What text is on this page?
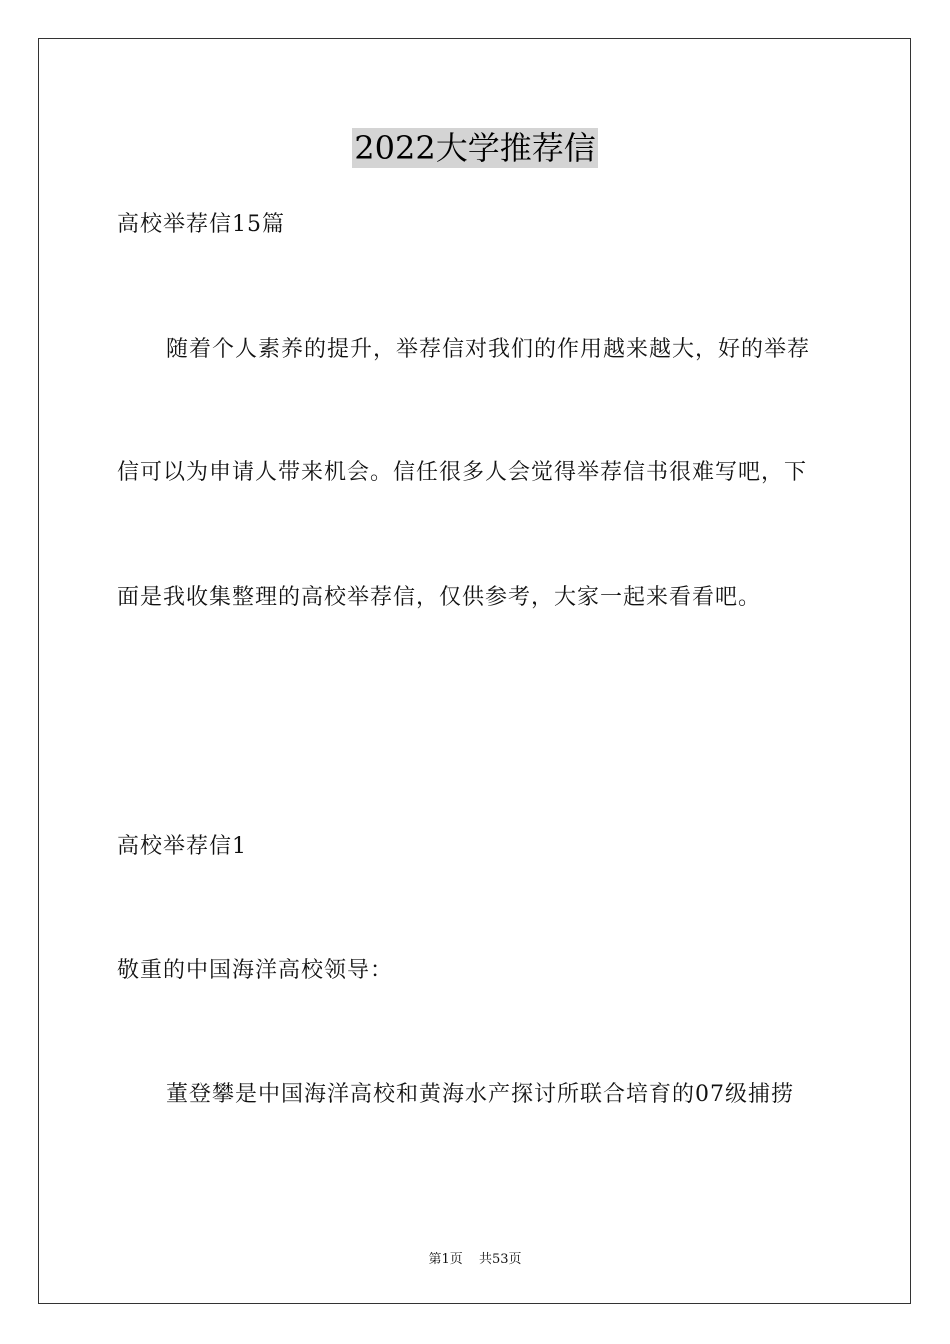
2022大学推荐信
高校举荐信15篇
随着个人素养的提升，举荐信对我们的作用越来越大，好的举荐
信可以为申请人带来机会。信任很多人会觉得举荐信书很难写吧，下
面是我收集整理的高校举荐信，仅供参考，大家一起来看看吧。
高校举荐信1
敬重的中国海洋高校领导：
董登攀是中国海洋高校和黄海水产探讨所联合培育的07级捕捞
第1页 共53页
